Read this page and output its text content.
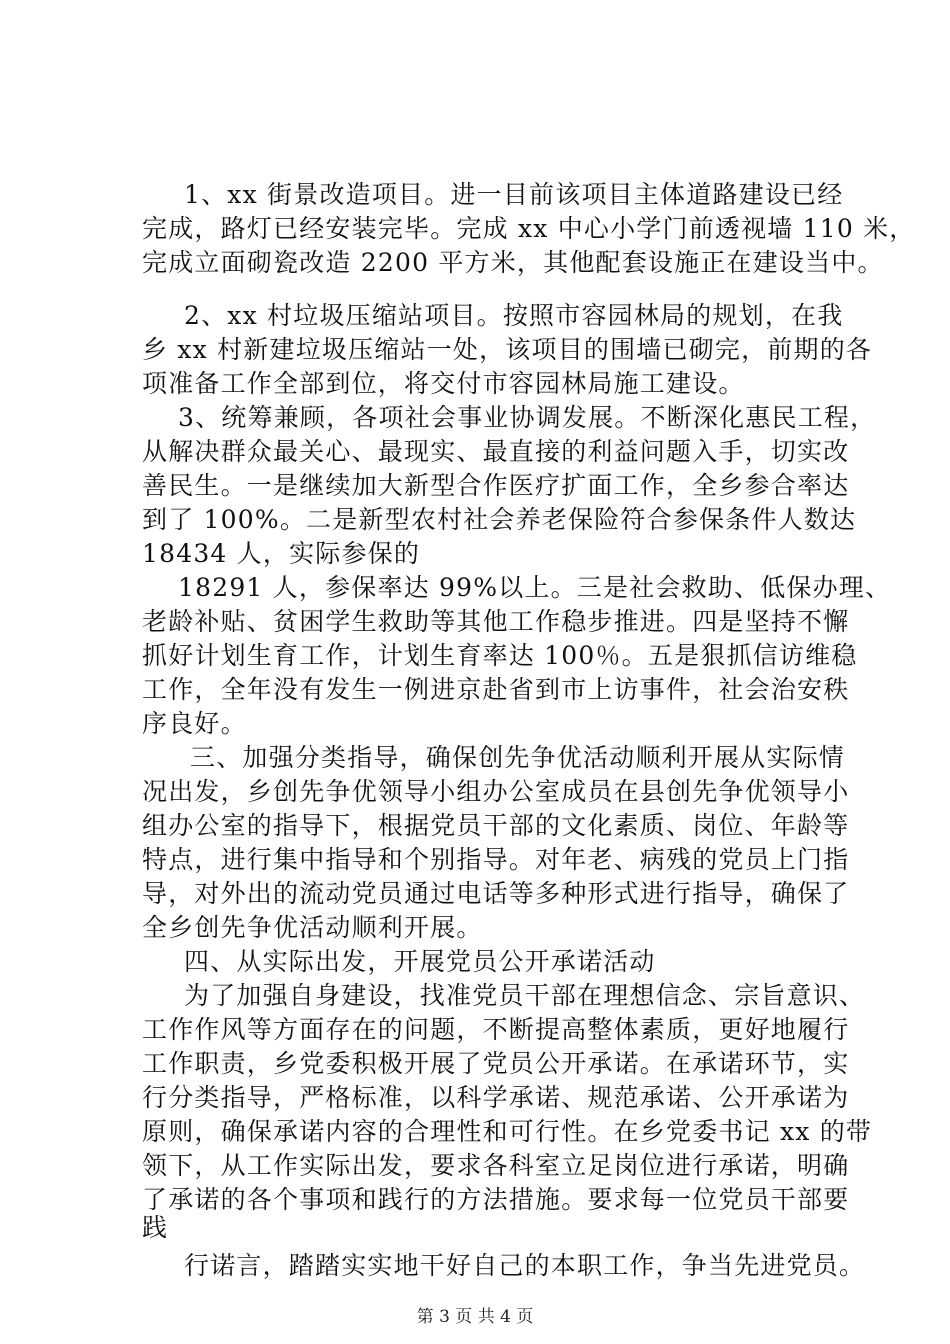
1、xx 街景改造项目。进一目前该项目主体道路建设已经
完成，路灯已经安装完毕。完成 xx 中心小学门前透视墙 110 米，
完成立面砌瓷改造 2200 平方米，其他配套设施正在建设当中。
2、xx 村垃圾压缩站项目。按照市容园林局的规划，在我
乡 xx 村新建垃圾压缩站一处，该项目的围墙已砌完，前期的各
项准备工作全部到位，将交付市容园林局施工建设。
3、统筹兼顾，各项社会事业协调发展。不断深化惠民工程，
从解决群众最关心、最现实、最直接的利益问题入手，切实改
善民生。一是继续加大新型合作医疗扩面工作，全乡参合率达
到了 100%。二是新型农村社会养老保险符合参保条件人数达
18434 人，实际参保的
18291 人，参保率达 99%以上。三是社会救助、低保办理、
老龄补贴、贫困学生救助等其他工作稳步推进。四是坚持不懈
抓好计划生育工作，计划生育率达 100％。五是狠抓信访维稳
工作，全年没有发生一例进京赴省到市上访事件，社会治安秩
序良好。
三、加强分类指导，确保创先争优活动顺利开展从实际情
况出发，乡创先争优领导小组办公室成员在县创先争优领导小
组办公室的指导下，根据党员干部的文化素质、岗位、年龄等
特点，进行集中指导和个别指导。对年老、病残的党员上门指
导，对外出的流动党员通过电话等多种形式进行指导，确保了
全乡创先争优活动顺利开展。
四、从实际出发，开展党员公开承诺活动
为了加强自身建设，找准党员干部在理想信念、宗旨意识、
工作作风等方面存在的问题，不断提高整体素质，更好地履行
工作职责，乡党委积极开展了党员公开承诺。在承诺环节，实
行分类指导，严格标准，以科学承诺、规范承诺、公开承诺为
原则，确保承诺内容的合理性和可行性。在乡党委书记 xx 的带
领下，从工作实际出发，要求各科室立足岗位进行承诺，明确
了承诺的各个事项和践行的方法措施。要求每一位党员干部要
践
行诺言，踏踏实实地干好自己的本职工作，争当先进党员。
第 3 页 共 4 页
